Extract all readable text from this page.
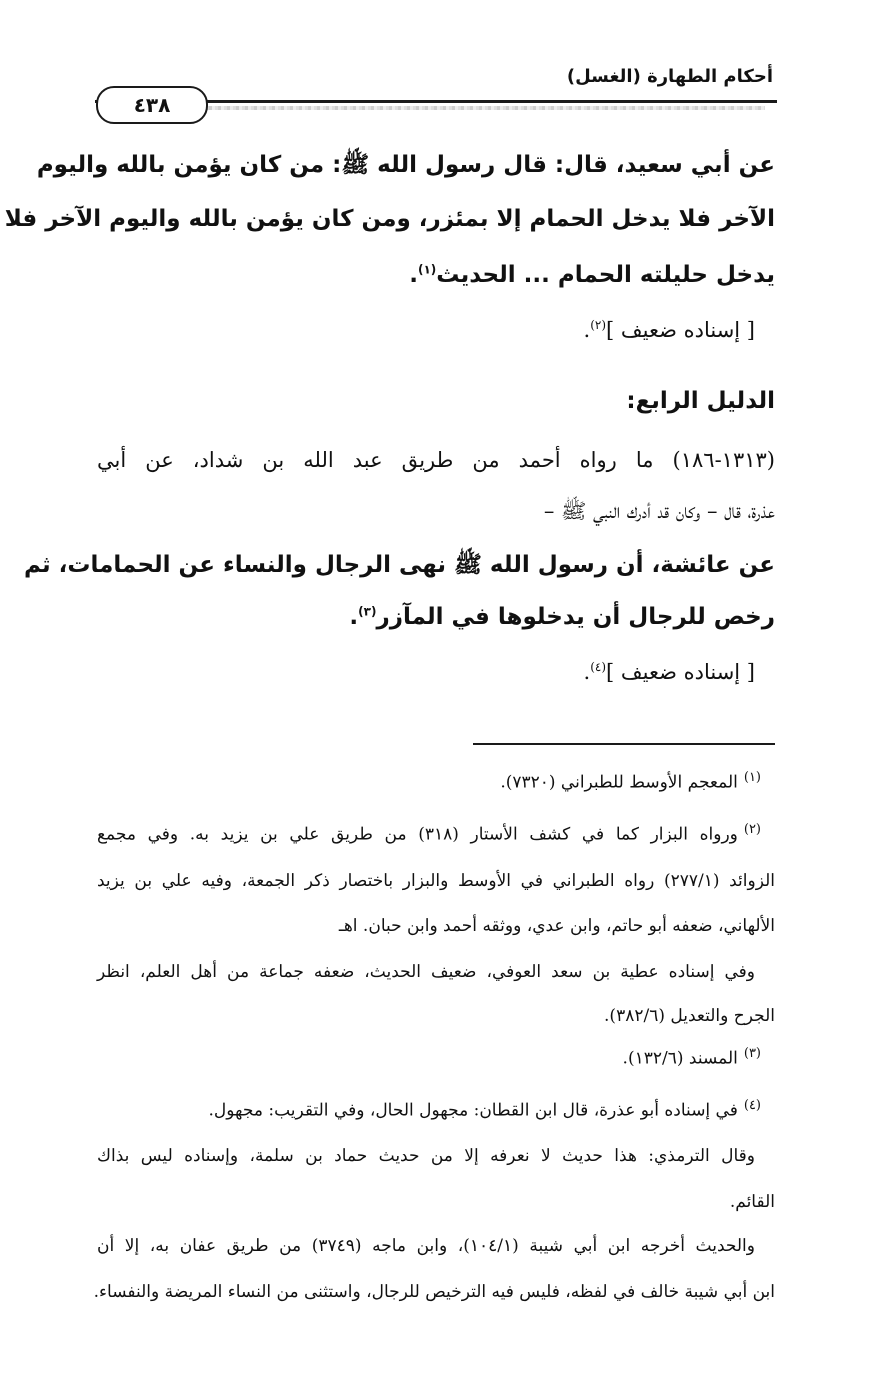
أحكام الطهارة (الغسل)
٤٣٨
عن أبي سعيد، قال: قال رسول الله ﷺ: من كان يؤمن بالله واليوم
الآخر فلا يدخل الحمام إلا بمئزر، ومن كان يؤمن بالله واليوم الآخر فلا
يدخل حليلته الحمام ... الحديث$^{(١)}$.
[ إسناده ضعيف ]$^{(٢)}$.
الدليل الرابع:
(١٣١٣-١٨٦) ما رواه أحمد من طريق عبد الله بن شداد، عن أبي
عذرة، قال – وكان قد أدرك النبي ﷺ –
عن عائشة، أن رسول الله ﷺ نهى الرجال والنساء عن الحمامات، ثم
رخص للرجال أن يدخلوها في المآزر$^{(٣)}$.
[ إسناده ضعيف ]$^{(٤)}$.
$^{(١)}$المعجم الأوسط للطبراني (٧٣٢٠).
$^{(٢)}$ورواه البزار كما في كشف الأستار (٣١٨) من طريق علي بن يزيد به. وفي مجمع
الزوائد (٢٧٧/١) رواه الطبراني في الأوسط والبزار باختصار ذكر الجمعة، وفيه علي بن يزيد
الألهاني، ضعفه أبو حاتم، وابن عدي، ووثقه أحمد وابن حبان. اهـ
وفي إسناده عطية بن سعد العوفي، ضعيف الحديث، ضعفه جماعة من أهل العلم، انظر
الجرح والتعديل (٣٨٢/٦).
$^{(٣)}$المسند (١٣٢/٦).
$^{(٤)}$في إسناده أبو عذرة، قال ابن القطان: مجهول الحال، وفي التقريب: مجهول.
وقال الترمذي: هذا حديث لا نعرفه إلا من حديث حماد بن سلمة، وإسناده ليس بذاك
القائم.
والحديث أخرجه ابن أبي شيبة (١٠٤/١)، وابن ماجه (٣٧٤٩) من طريق عفان به، إلا أن
ابن أبي شيبة خالف في لفظه، فليس فيه الترخيص للرجال، واستثنى من النساء المريضة والنفساء.
